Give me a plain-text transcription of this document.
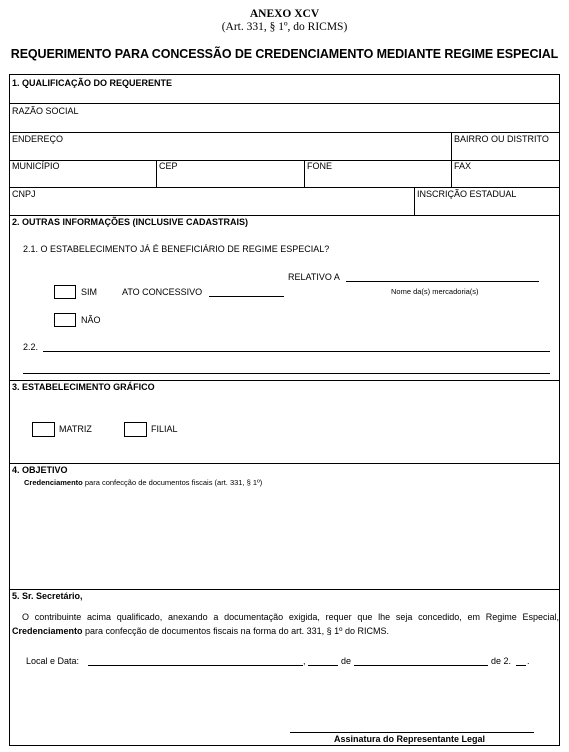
ANEXO XCV
(Art. 331, § 1º, do RICMS)
REQUERIMENTO PARA CONCESSÃO DE CREDENCIAMENTO MEDIANTE REGIME ESPECIAL
1. QUALIFICAÇÃO DO REQUERENTE
RAZÃO SOCIAL
ENDEREÇO	BAIRRO OU DISTRITO
MUNICÍPIO	CEP	FONE	FAX
CNPJ	INSCRIÇÃO ESTADUAL
2. OUTRAS INFORMAÇÕES (INCLUSIVE CADASTRAIS)
2.1. O ESTABELECIMENTO JÁ É BENEFICIÁRIO DE REGIME ESPECIAL?
RELATIVO A
SIM	ATO CONCESSIVO	Nome da(s) mercadoria(s)
NÃO
2.2.
3. ESTABELECIMENTO GRÁFICO
MATRIZ	FILIAL
4. OBJETIVO
Credenciamento para confecção de documentos fiscais (art. 331, § 1º)
5. Sr. Secretário,
O contribuinte acima qualificado, anexando a documentação exigida, requer que lhe seja concedido, em Regime Especial, Credenciamento para confecção de documentos fiscais na forma do art. 331, § 1º do RICMS.
Local e Data:	,	de	de 2. .
Assinatura do Representante Legal
